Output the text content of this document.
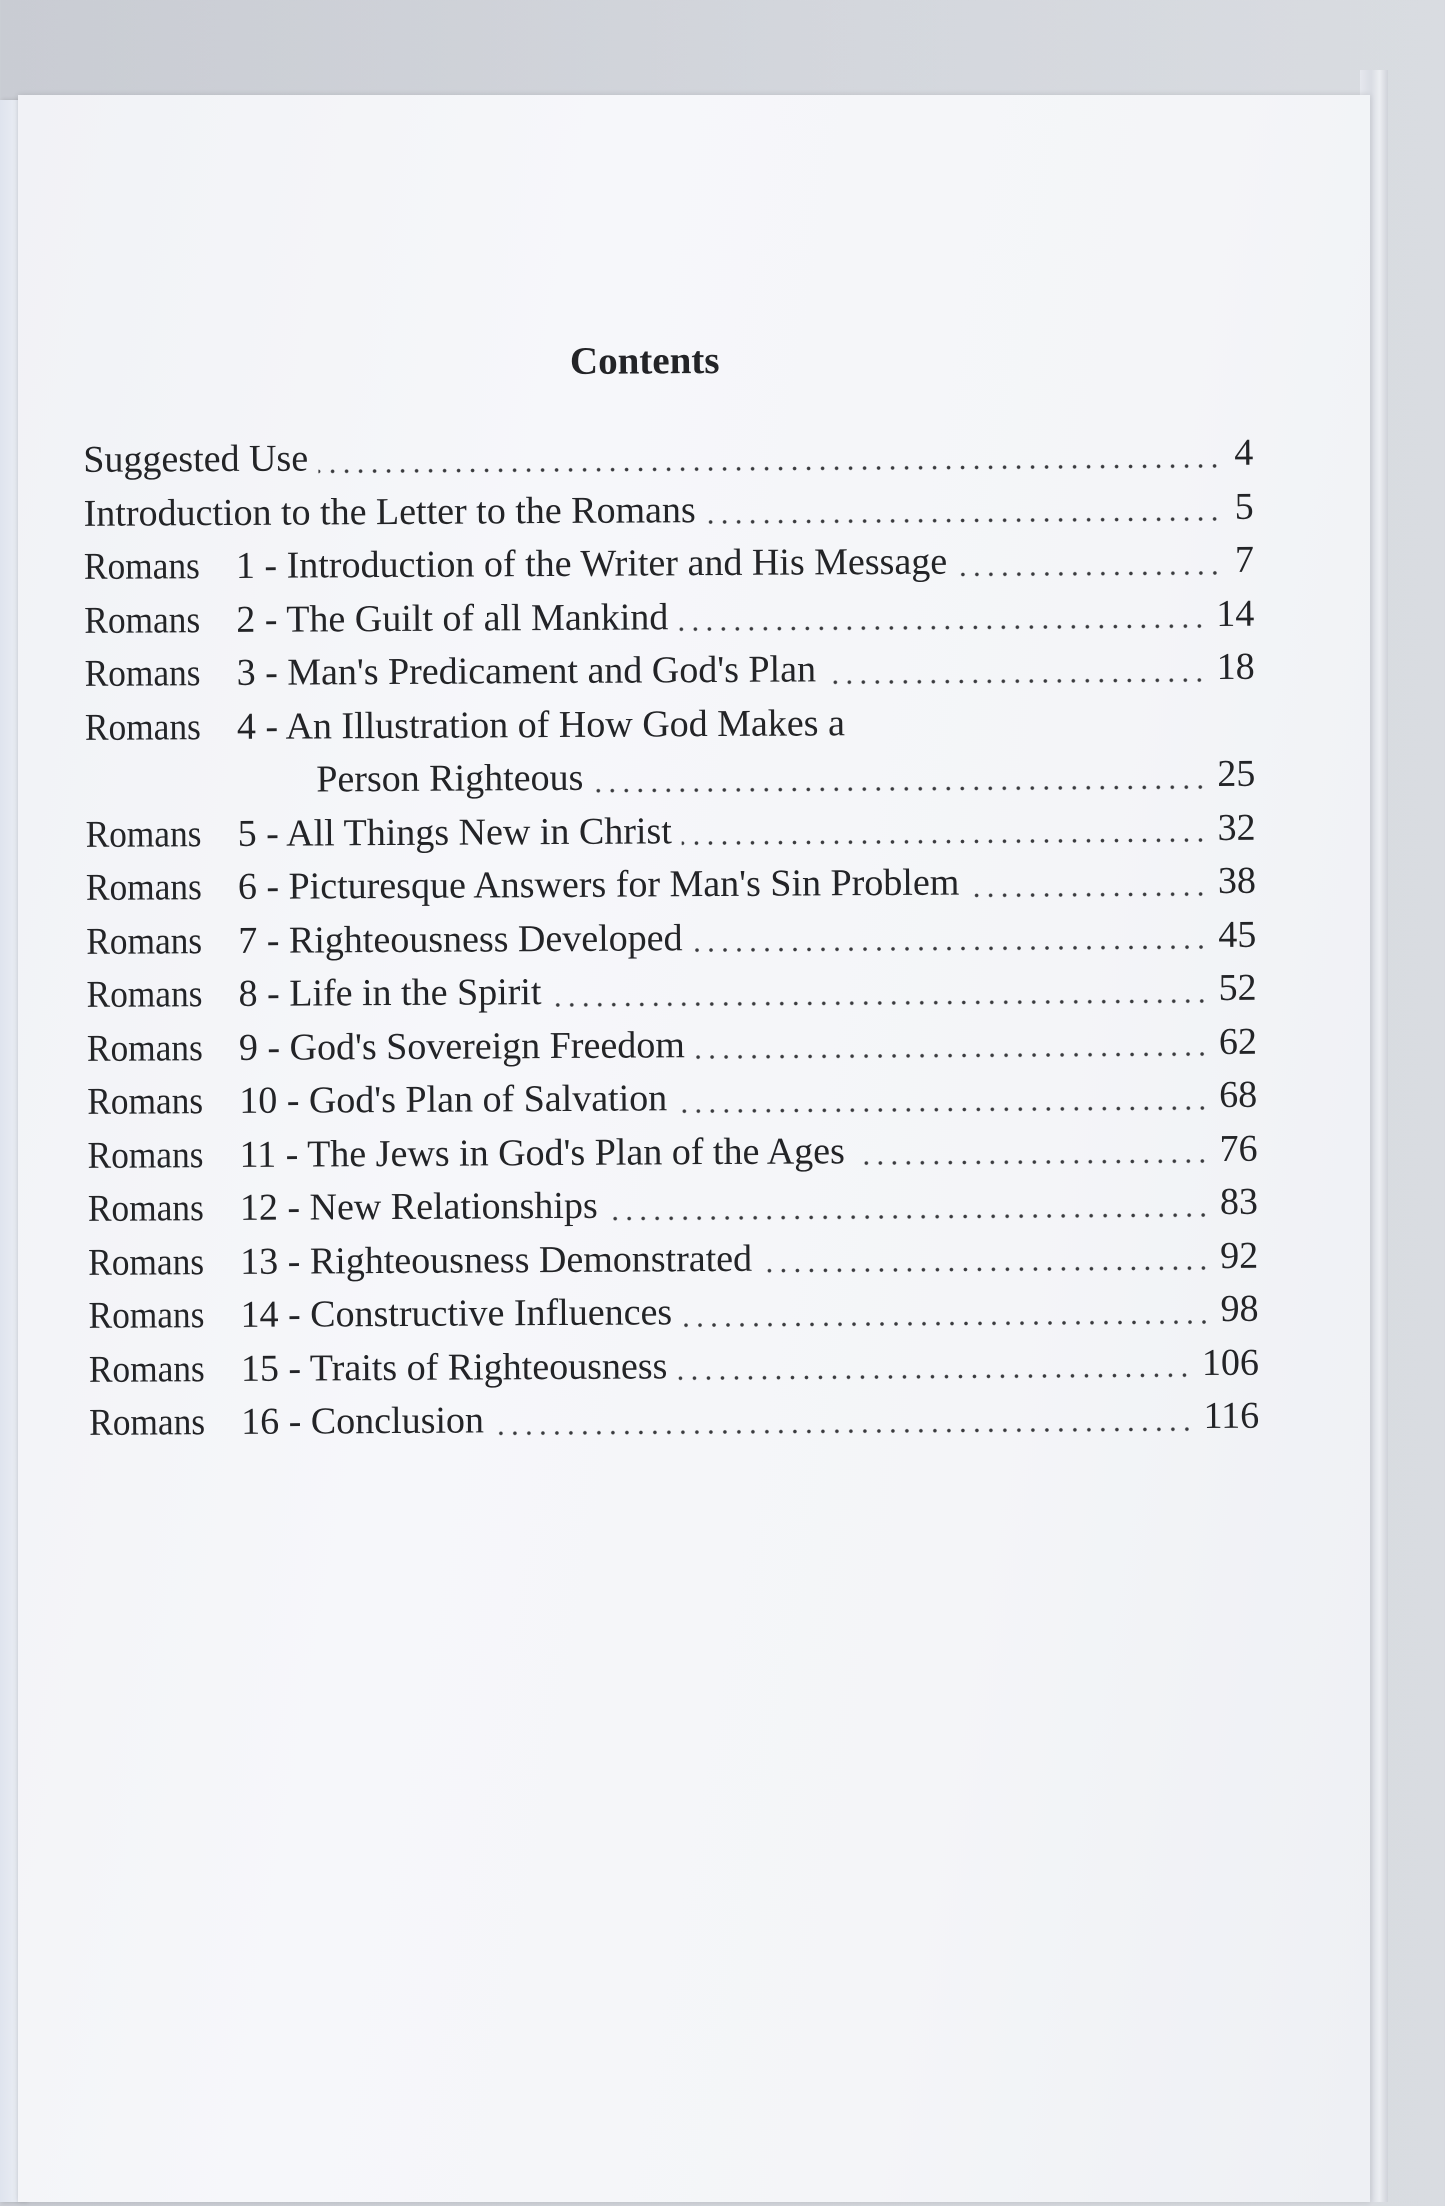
Contents
Suggested Use	4
Introduction to the Letter to the Romans	5
Romans 1 - Introduction of the Writer and His Message	7
Romans 2 - The Guilt of all Mankind	14
Romans 3 - Man's Predicament and God's Plan	18
Romans 4 - An Illustration of How God Makes a
Person Righteous	25
Romans 5 - All Things New in Christ	32
Romans 6 - Picturesque Answers for Man's Sin Problem	38
Romans 7 - Righteousness Developed	45
Romans 8 - Life in the Spirit	52
Romans 9 - God's Sovereign Freedom	62
Romans 10 - God's Plan of Salvation	68
Romans 11 - The Jews in God's Plan of the Ages	76
Romans 12 - New Relationships	83
Romans 13 - Righteousness Demonstrated	92
Romans 14 - Constructive Influences	98
Romans 15 - Traits of Righteousness	106
Romans 16 - Conclusion	116
